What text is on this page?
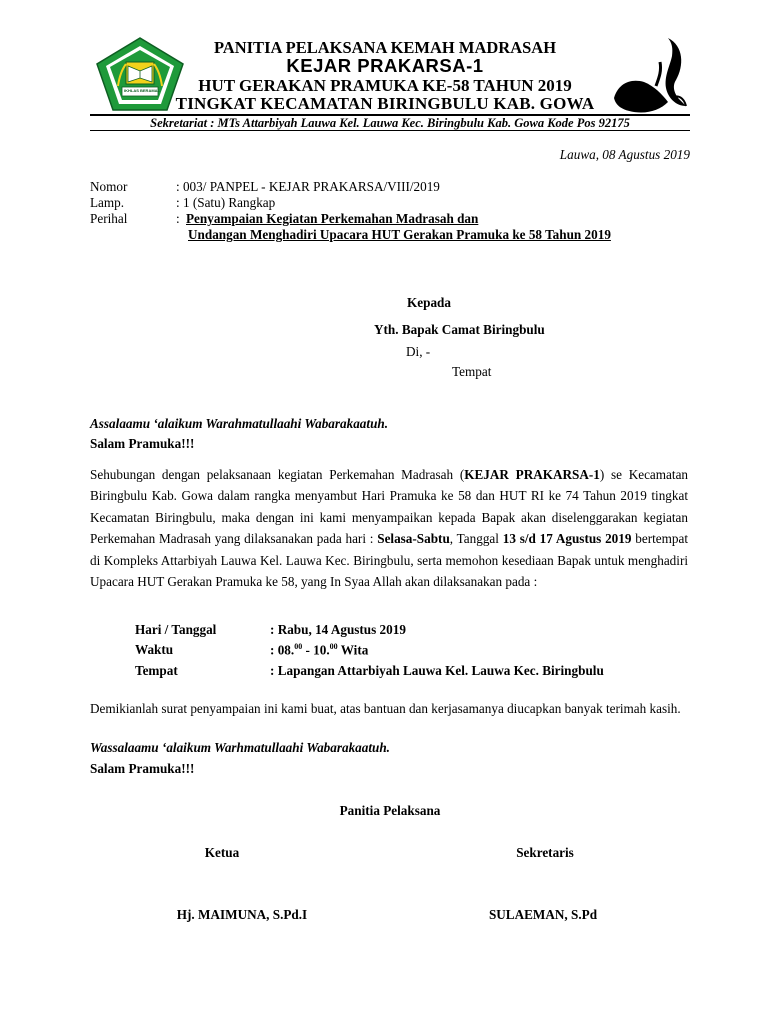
IKHLAS BERAMAL
PANITIA PELAKSANA KEMAH MADRASAH
KEJAR PRAKARSA-1
HUT GERAKAN PRAMUKA KE-58 TAHUN 2019
TINGKAT KECAMATAN BIRINGBULU KAB. GOWA
Sekretariat : MTs Attarbiyah Lauwa Kel. Lauwa Kec. Biringbulu Kab. Gowa Kode Pos 92175
Lauwa, 08 Agustus 2019
Nomor	: 003/ PANPEL - KEJAR PRAKARSA/VIII/2019
Lamp.	: 1 (Satu) Rangkap
Perihal	: Penyampaian Kegiatan Perkemahan Madrasah dan
Undangan Menghadiri Upacara HUT Gerakan Pramuka ke 58 Tahun 2019
Kepada
Yth. Bapak Camat Biringbulu
Di, -
Tempat
Assalaamu ‘alaikum Warahmatullaahi Wabarakaatuh.
Salam Pramuka!!!
Sehubungan dengan pelaksanaan kegiatan Perkemahan Madrasah (KEJAR PRAKARSA-1) se Kecamatan Biringbulu Kab. Gowa dalam rangka menyambut Hari Pramuka ke 58 dan HUT RI ke 74 Tahun 2019 tingkat Kecamatan Biringbulu, maka dengan ini kami menyampaikan kepada Bapak akan diselenggarakan kegiatan Perkemahan Madrasah yang dilaksanakan pada hari : Selasa-Sabtu, Tanggal 13 s/d 17 Agustus 2019 bertempat di Kompleks Attarbiyah Lauwa Kel. Lauwa Kec. Biringbulu, serta memohon kesediaan Bapak untuk menghadiri Upacara HUT Gerakan Pramuka ke 58, yang In Syaa Allah akan dilaksanakan pada :
Hari / Tanggal	: Rabu, 14 Agustus 2019
Waktu	: 08.00 - 10.00 Wita
Tempat	: Lapangan Attarbiyah Lauwa Kel. Lauwa Kec. Biringbulu
Demikianlah surat penyampaian ini kami buat, atas bantuan dan kerjasamanya diucapkan banyak terimah kasih.
Wassalaamu ‘alaikum Warhmatullaahi Wabarakaatuh.
Salam Pramuka!!!
Panitia Pelaksana
Ketua	Sekretaris
Hj. MAIMUNA, S.Pd.I	SULAEMAN, S.Pd
